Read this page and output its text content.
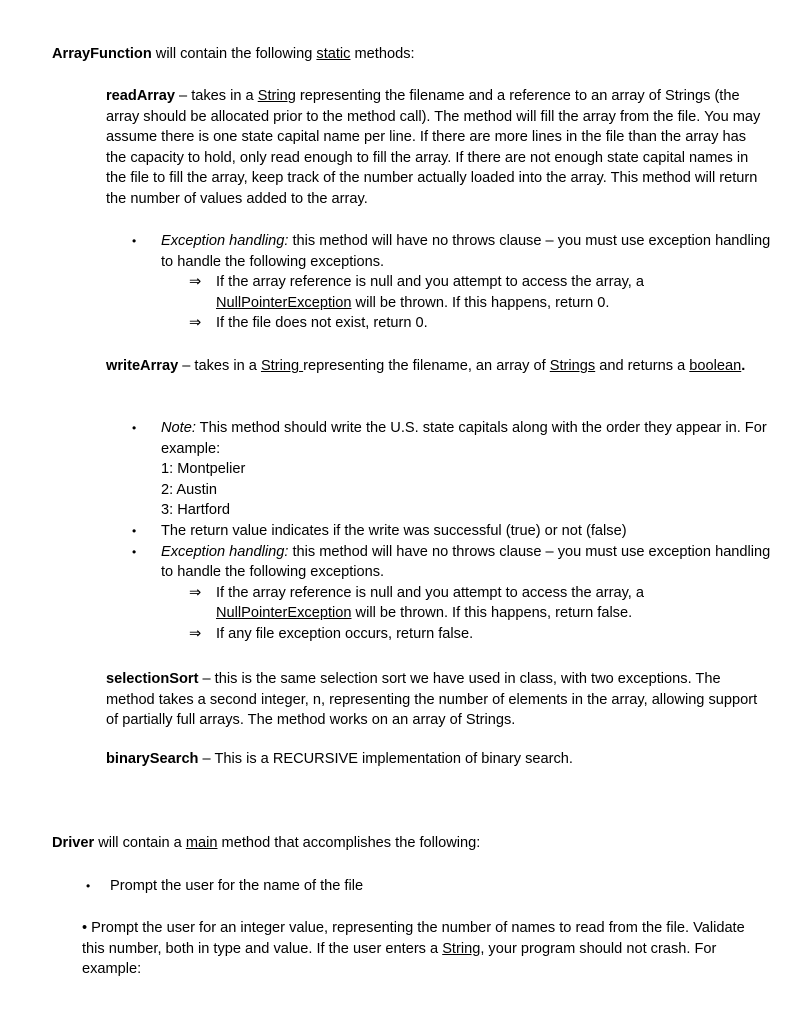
ArrayFunction will contain the following static methods:

readArray – takes in a String representing the filename and a reference to an array of Strings (the array should be allocated prior to the method call). The method will fill the array from the file. You may assume there is one state capital name per line. If there are more lines in the file than the array has the capacity to hold, only read enough to fill the array. If there are not enough state capital names in the file to fill the array, keep track of the number actually loaded into the array. This method will return the number of values added to the array.

• Exception handling: this method will have no throws clause – you must use exception handling to handle the following exceptions.

⇒ If the array reference is null and you attempt to access the array, a NullPointerException will be thrown. If this happens, return 0.

⇒ If the file does not exist, return 0.

writeArray – takes in a String representing the filename, an array of Strings and returns a boolean.

• Note: This method should write the U.S. state capitals along with the order they appear in. For example:

1: Montpelier

2: Austin

3: Hartford

• The return value indicates if the write was successful (true) or not (false)

• Exception handling: this method will have no throws clause – you must use exception handling to handle the following exceptions.

⇒ If the array reference is null and you attempt to access the array, a NullPointerException will be thrown. If this happens, return false.

⇒ If any file exception occurs, return false.

selectionSort – this is the same selection sort we have used in class, with two exceptions. The method takes a second integer, n, representing the number of elements in the array, allowing support of partially full arrays. The method works on an array of Strings.

binarySearch – This is a RECURSIVE implementation of binary search.

Driver will contain a main method that accomplishes the following:

• Prompt the user for the name of the file

• Prompt the user for an integer value, representing the number of names to read from the file. Validate this number, both in type and value. If the user enters a String, your program should not crash. For example:
